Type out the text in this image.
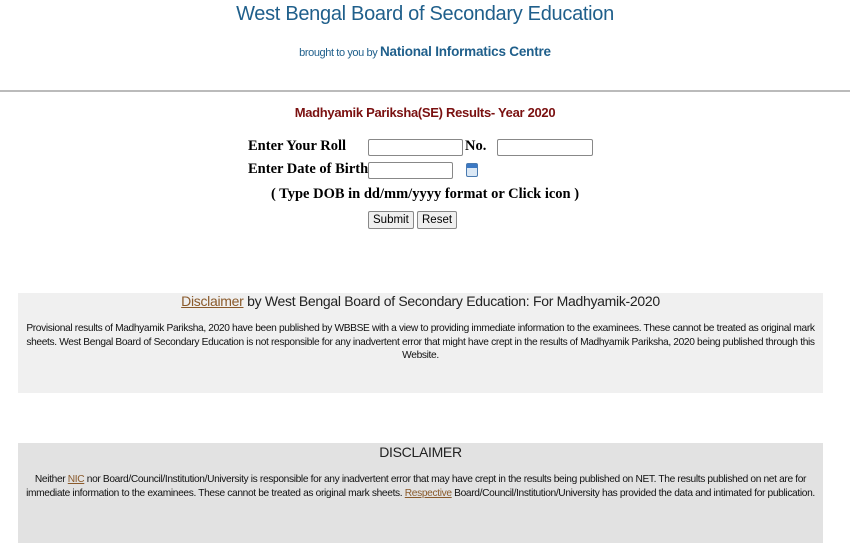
West Bengal Board of Secondary Education
brought to you by National Informatics Centre
Madhyamik Pariksha(SE) Results- Year 2020
Enter Your Roll	No.
Enter Date of Birth
( Type DOB in dd/mm/yyyy format or Click icon )
Submit	Reset
Disclaimer by West Bengal Board of Secondary Education: For Madhyamik-2020
Provisional results of Madhyamik Pariksha, 2020 have been published by WBBSE with a view to providing immediate information to the examinees. These cannot be treated as original mark sheets. West Bengal Board of Secondary Education is not responsible for any inadvertent error that might have crept in the results of Madhyamik Pariksha, 2020 being published through this Website.
DISCLAIMER
Neither NIC nor Board/Council/Institution/University is responsible for any inadvertent error that may have crept in the results being published on NET. The results published on net are for immediate information to the examinees. These cannot be treated as original mark sheets. Respective Board/Council/Institution/University has provided the data and intimated for publication.
